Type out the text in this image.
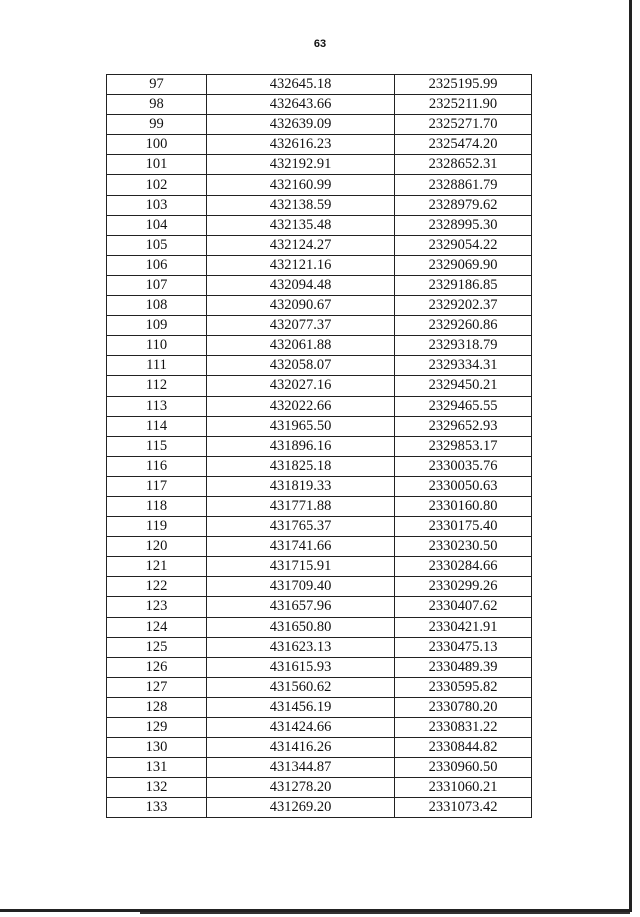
63
97	432645.18	2325195.99
98	432643.66	2325211.90
99	432639.09	2325271.70
100	432616.23	2325474.20
101	432192.91	2328652.31
102	432160.99	2328861.79
103	432138.59	2328979.62
104	432135.48	2328995.30
105	432124.27	2329054.22
106	432121.16	2329069.90
107	432094.48	2329186.85
108	432090.67	2329202.37
109	432077.37	2329260.86
110	432061.88	2329318.79
111	432058.07	2329334.31
112	432027.16	2329450.21
113	432022.66	2329465.55
114	431965.50	2329652.93
115	431896.16	2329853.17
116	431825.18	2330035.76
117	431819.33	2330050.63
118	431771.88	2330160.80
119	431765.37	2330175.40
120	431741.66	2330230.50
121	431715.91	2330284.66
122	431709.40	2330299.26
123	431657.96	2330407.62
124	431650.80	2330421.91
125	431623.13	2330475.13
126	431615.93	2330489.39
127	431560.62	2330595.82
128	431456.19	2330780.20
129	431424.66	2330831.22
130	431416.26	2330844.82
131	431344.87	2330960.50
132	431278.20	2331060.21
133	431269.20	2331073.42
